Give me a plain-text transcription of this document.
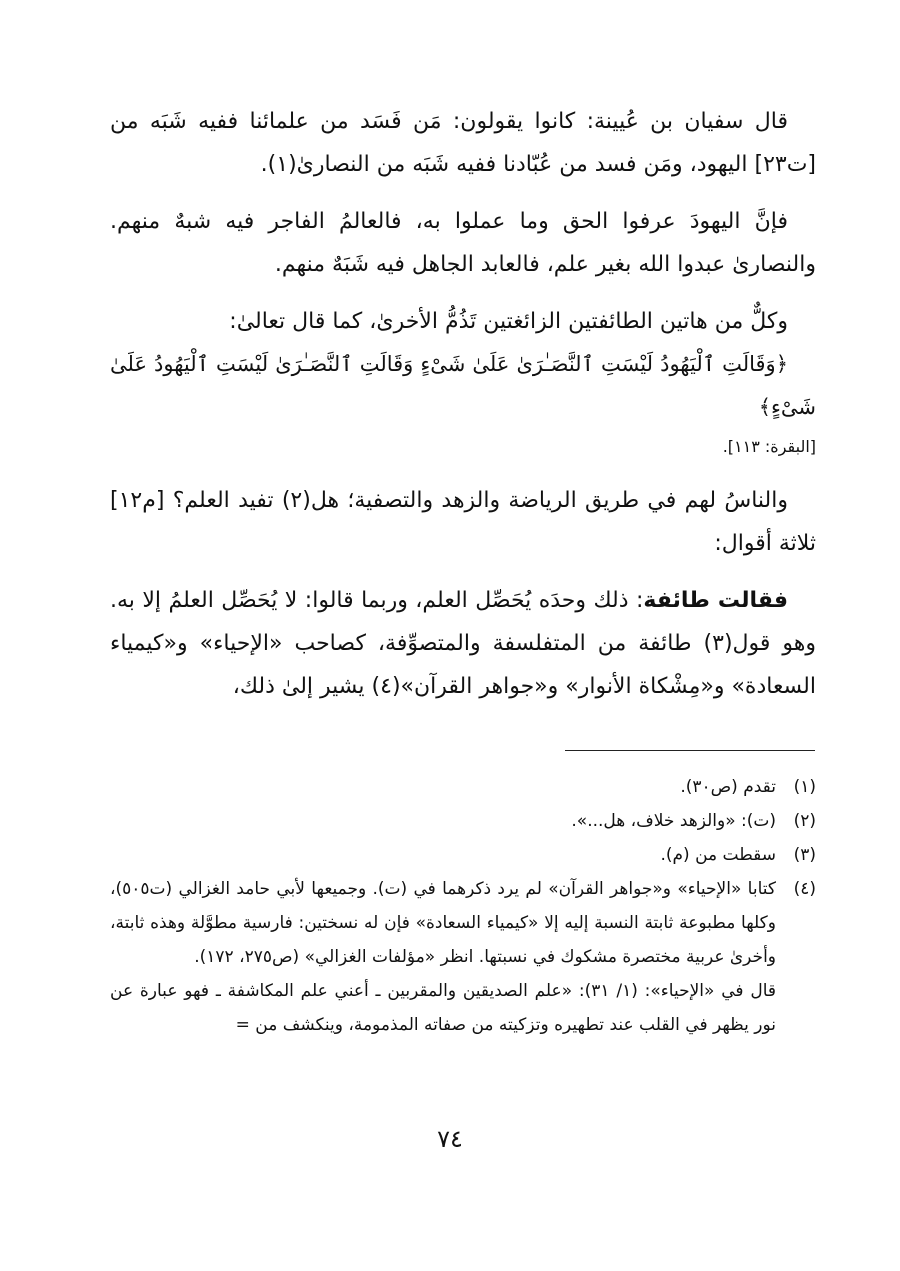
قال سفيان بن عُيينة: كانوا يقولون: مَن فَسَد من علمائنا ففيه شَبَه من [ت٢٣] اليهود، ومَن فسد من عُبّادنا ففيه شَبَه من النصارىٰ(١).

فإنَّ اليهودَ عرفوا الحق وما عملوا به، فالعالمُ الفاجر فيه شبهٌ منهم. والنصارىٰ عبدوا الله بغير علم، فالعابد الجاهل فيه شَبَهٌ منهم.

وكلٌّ من هاتين الطائفتين الزائغتين تَذُمُّ الأخرىٰ، كما قال تعالىٰ:
﴿وَقَالَتِ ٱلْيَهُودُ لَيْسَتِ ٱلنَّصَـٰرَىٰ عَلَىٰ شَىْءٍ وَقَالَتِ ٱلنَّصَـٰرَىٰ لَيْسَتِ ٱلْيَهُودُ عَلَىٰ شَىْءٍ﴾
[البقرة: ١١٣].

والناسُ لهم في طريق الرياضة والزهد والتصفية؛ هل(٢) تفيد العلم؟ [م١٢] ثلاثة أقوال:

فقالت طائفة: ذلك وحدَه يُحَصِّل العلم، وربما قالوا: لا يُحَصِّل العلمُ إلا به. وهو قول(٣) طائفة من المتفلسفة والمتصوِّفة، كصاحب «الإحياء» و«كيمياء السعادة» و«مِشْكاة الأنوار» و«جواهر القرآن»(٤) يشير إلىٰ ذلك،

(١)
تقدم (ص٣٠).
(٢)
(ت): «والزهد خلاف، هل...».
(٣)
سقطت من (م).
(٤)
كتابا «الإحياء» و«جواهر القرآن» لم يرد ذكرهما في (ت). وجميعها لأبي حامد الغزالي (ت٥٠٥)، وكلها مطبوعة ثابتة النسبة إليه إلا «كيمياء السعادة» فإن له نسختين: فارسية مطوَّلة وهذه ثابتة، وأخرىٰ عربية مختصرة مشكوك في نسبتها. انظر «مؤلفات الغزالي» (ص٢٧٥، ١٧٢).
قال في «الإحياء»: (١/ ٣١): «علم الصديقين والمقربين ـ أعني علم المكاشفة ـ فهو عبارة عن نور يظهر في القلب عند تطهيره وتزكيته من صفاته المذمومة، وينكشف من =
٧٤
